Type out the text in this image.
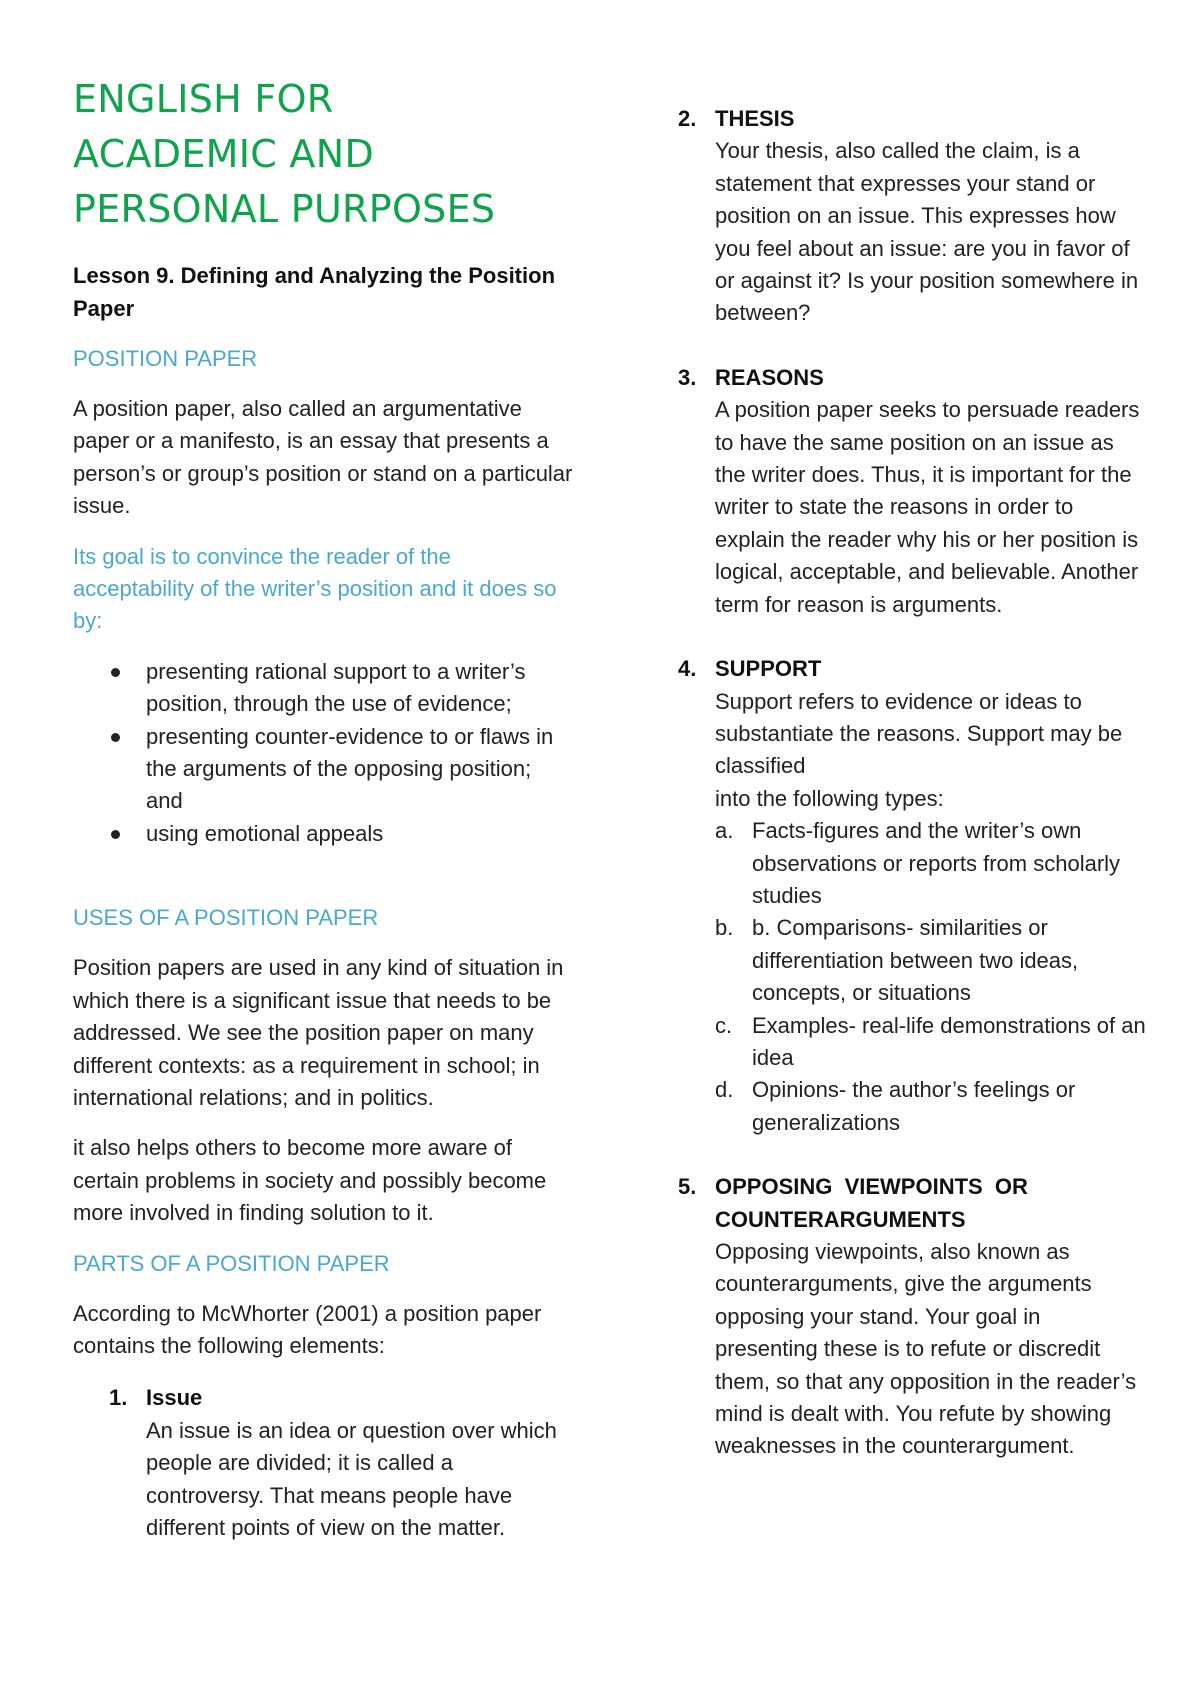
ENGLISH FOR
ACADEMIC AND
PERSONAL PURPOSES
Lesson 9. Defining and Analyzing the Position Paper
POSITION PAPER

A position paper, also called an argumentative paper or a manifesto, is an essay that presents a person’s or group’s position or stand on a particular issue.

Its goal is to convince the reader of the acceptability of the writer’s position and it does so by:

presenting rational support to a writer’s position, through the use of evidence;
presenting counter-evidence to or flaws in the arguments of the opposing position; and
using emotional appeals
USES OF A POSITION PAPER

Position papers are used in any kind of situation in which there is a significant issue that needs to be addressed. We see the position paper on many different contexts: as a requirement in school; in international relations; and in politics.

it also helps others to become more aware of certain problems in society and possibly become more involved in finding solution to it.

PARTS OF A POSITION PAPER

According to McWhorter (2001) a position paper contains the following elements:

1. Issue
An issue is an idea or question over which people are divided; it is called a controversy. That means people have different points of view on the matter.
2. THESIS
Your thesis, also called the claim, is a statement that expresses your stand or position on an issue. This expresses how you feel about an issue: are you in favor of or against it? Is your position somewhere in between?
3. REASONS
A position paper seeks to persuade readers to have the same position on an issue as the writer does. Thus, it is important for the writer to state the reasons in order to explain the reader why his or her position is logical, acceptable, and believable. Another term for reason is arguments.
4. SUPPORT
Support refers to evidence or ideas to substantiate the reasons. Support may be classified
into the following types:
a. Facts-figures and the writer’s own observations or reports from scholarly studies
b. b. Comparisons- similarities or differentiation between two ideas, concepts, or situations
c. Examples- real-life demonstrations of an idea
d. Opinions- the author’s feelings or generalizations
5. OPPOSING  VIEWPOINTS  OR COUNTERARGUMENTS
Opposing viewpoints, also known as counterarguments, give the arguments opposing your stand. Your goal in presenting these is to refute or discredit them, so that any opposition in the reader’s mind is dealt with. You refute by showing weaknesses in the counterargument.
